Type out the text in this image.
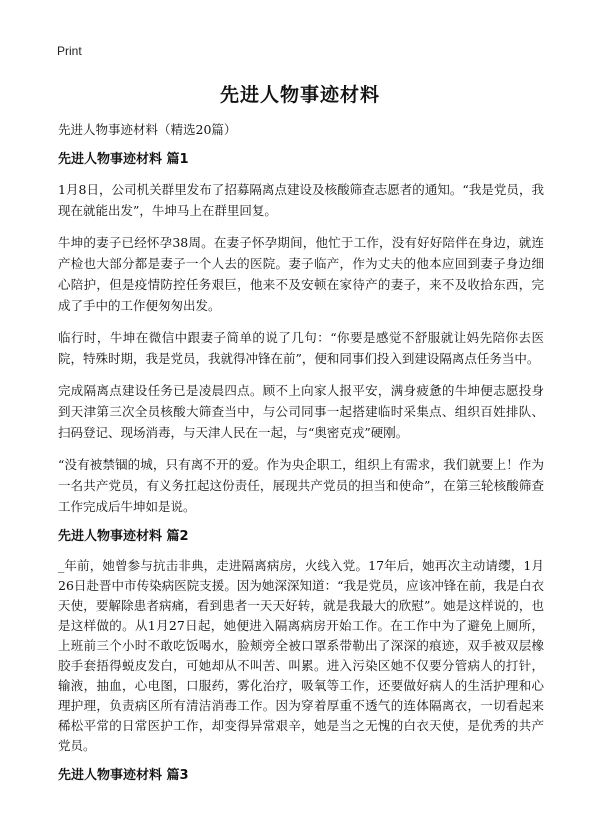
Print
先进人物事迹材料
先进人物事迹材料（精选20篇）
先进人物事迹材料 篇1

1月8日，公司机关群里发布了招募隔离点建设及核酸筛查志愿者的通知。“我是党员，我现在就能出发”，牛坤马上在群里回复。

牛坤的妻子已经怀孕38周。在妻子怀孕期间，他忙于工作，没有好好陪伴在身边，就连产检也大部分都是妻子一个人去的医院。妻子临产，作为丈夫的他本应回到妻子身边细心陪护，但是疫情防控任务艰巨，他来不及安顿在家待产的妻子，来不及收拾东西，完成了手中的工作便匆匆出发。

临行时，牛坤在微信中跟妻子简单的说了几句：“你要是感觉不舒服就让妈先陪你去医院，特殊时期，我是党员，我就得冲锋在前”，便和同事们投入到建设隔离点任务当中。

完成隔离点建设任务已是凌晨四点。顾不上向家人报平安，满身疲惫的牛坤便志愿投身到天津第三次全员核酸大筛查当中，与公司同事一起搭建临时采集点、组织百姓排队、扫码登记、现场消毒，与天津人民在一起，与“奥密克戎”硬刚。

“没有被禁锢的城，只有离不开的爱。作为央企职工，组织上有需求，我们就要上！作为一名共产党员，有义务扛起这份责任，展现共产党员的担当和使命”，在第三轮核酸筛查工作完成后牛坤如是说。

先进人物事迹材料 篇2

_年前，她曾参与抗击非典，走进隔离病房，火线入党。17年后，她再次主动请缨，1月26日赴晋中市传染病医院支援。因为她深深知道：“我是党员，应该冲锋在前，我是白衣天使，要解除患者病痛，看到患者一天天好转，就是我最大的欣慰”。她是这样说的，也是这样做的。从1月27日起，她便进入隔离病房开始工作。在工作中为了避免上厕所，上班前三个小时不敢吃饭喝水，脸颊旁全被口罩系带勒出了深深的痕迹，双手被双层橡胶手套捂得蜕皮发白，可她却从不叫苦、叫累。进入污染区她不仅要分管病人的打针，输液，抽血，心电图，口服药，雾化治疗，吸氧等工作，还要做好病人的生活护理和心理护理，负责病区所有清洁消毒工作。因为穿着厚重不透气的连体隔离衣，一切看起来稀松平常的日常医护工作，却变得异常艰辛，她是当之无愧的白衣天使，是优秀的共产党员。

先进人物事迹材料 篇3
